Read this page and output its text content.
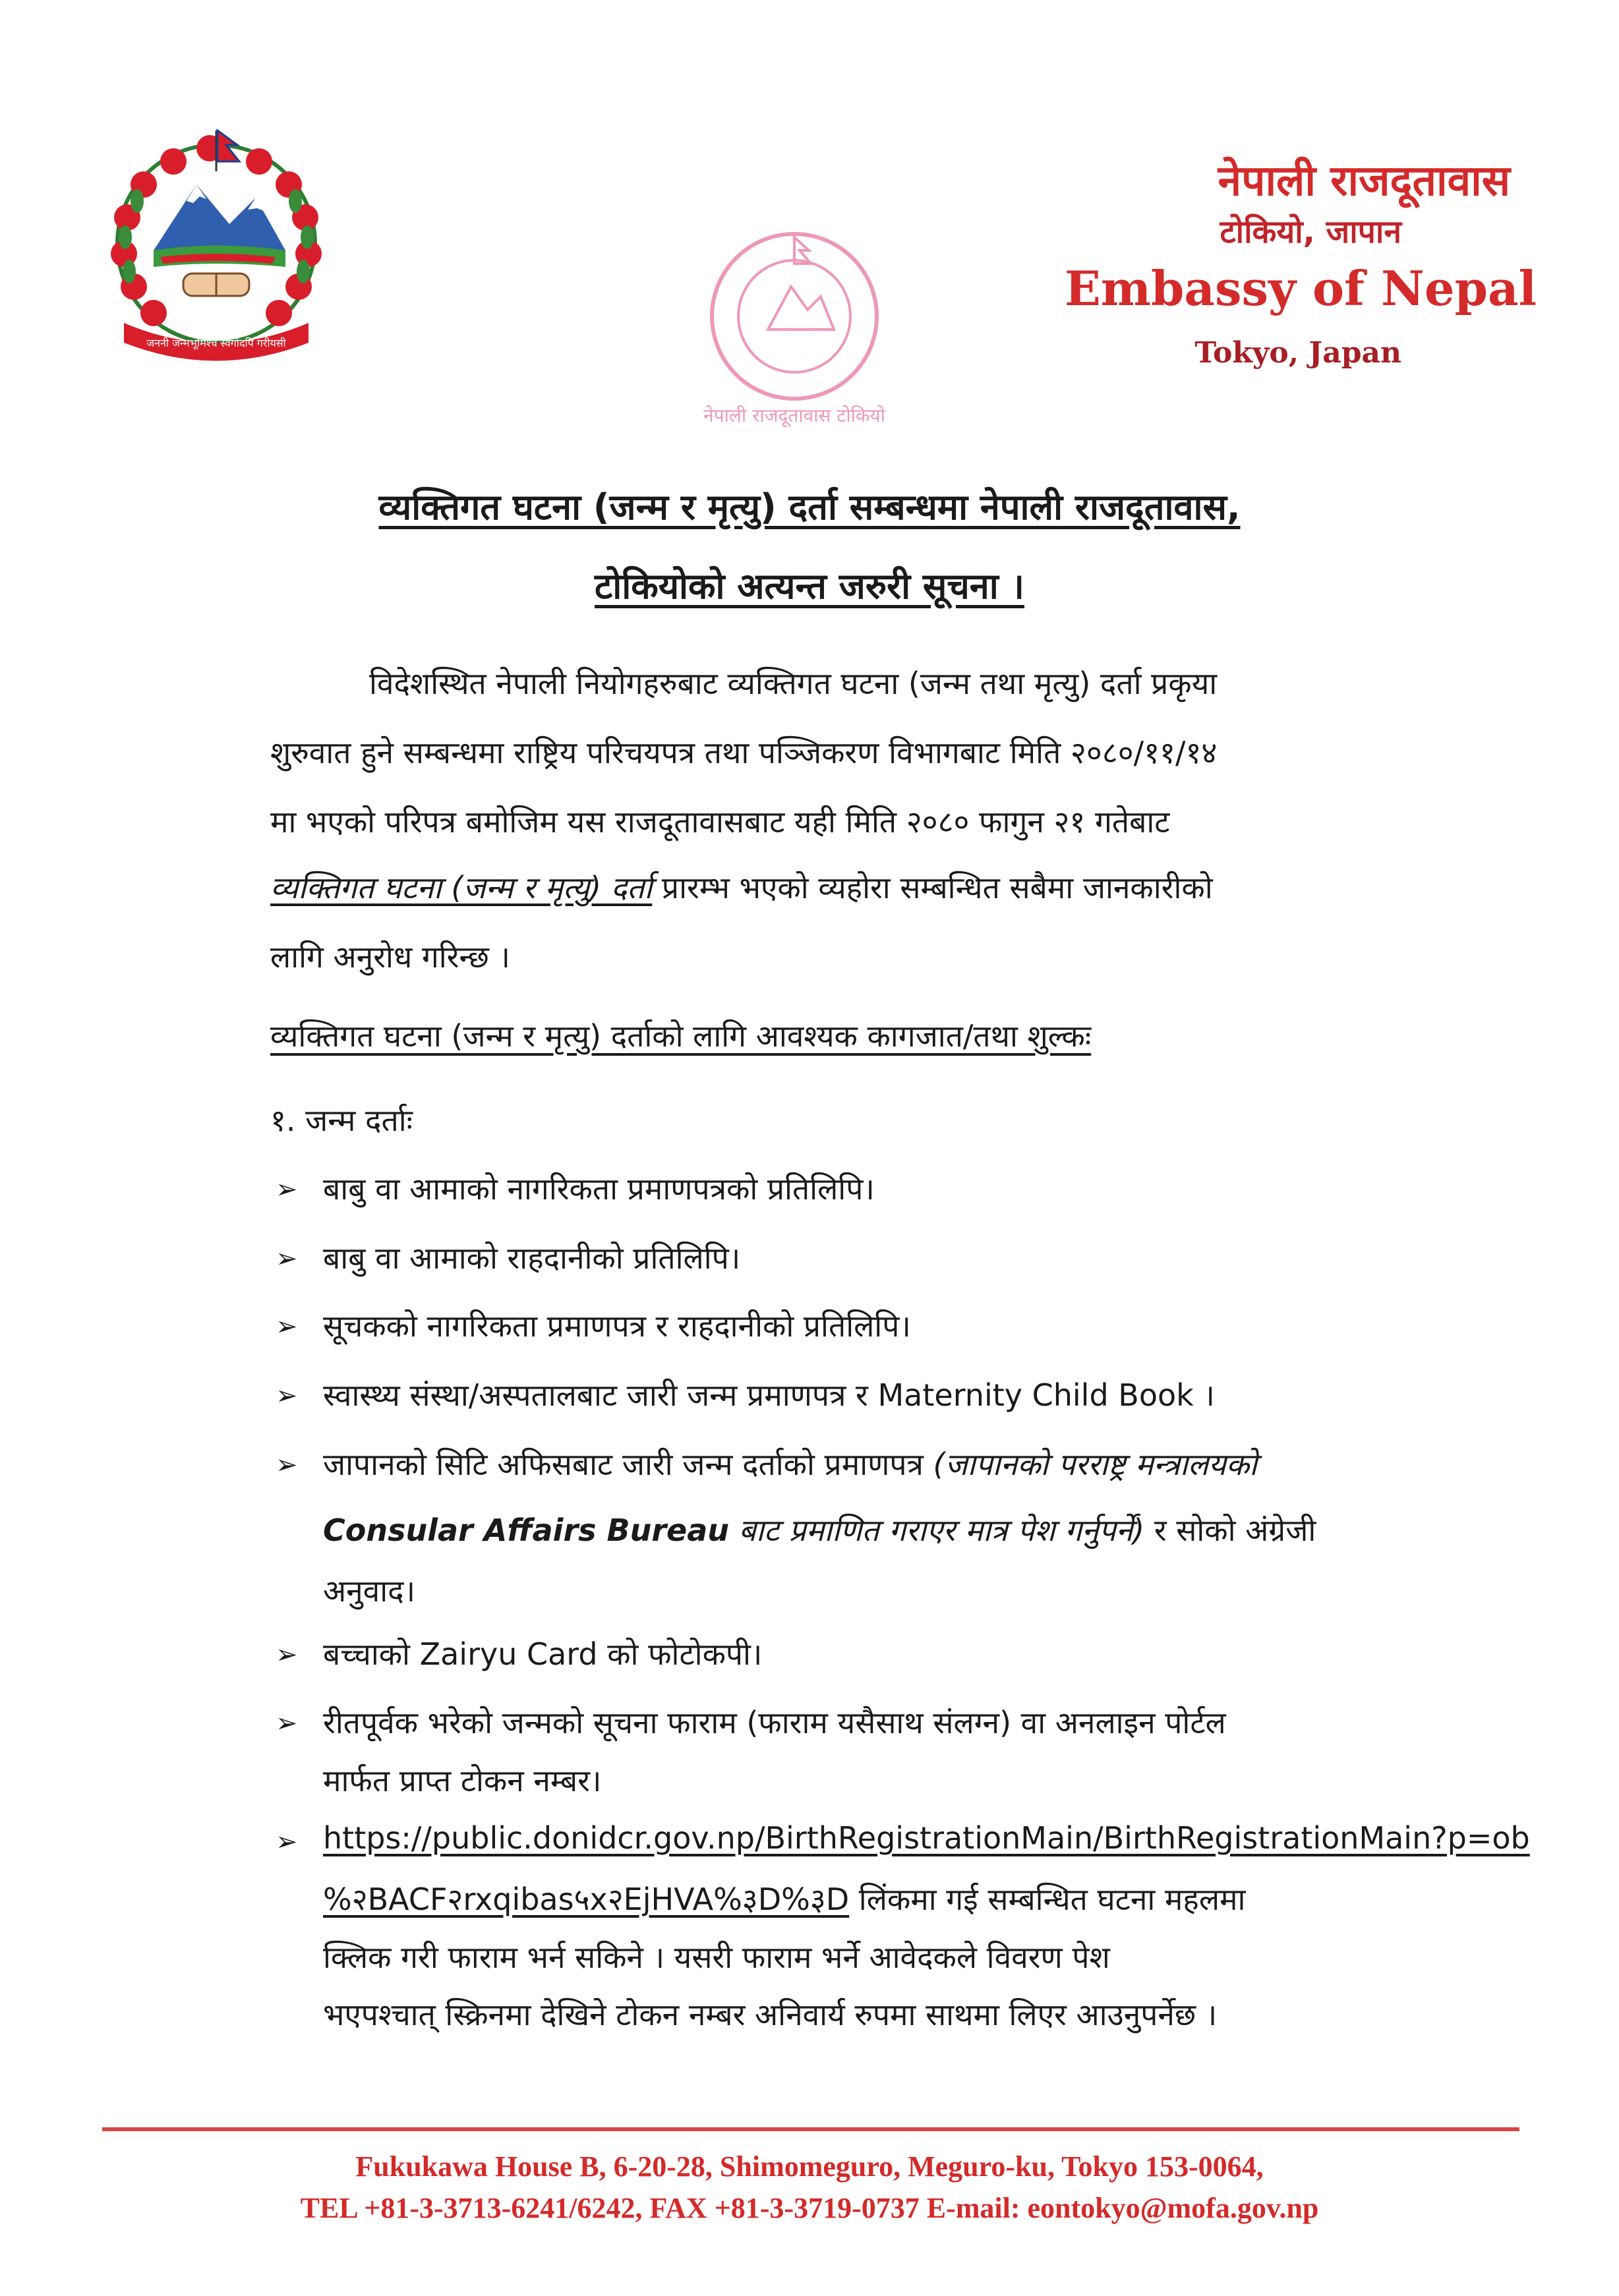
जननी जन्मभूमिश्च स्वर्गादपि गरीयसी
नेपाली राजदूतावास टोकियो
नेपाली राजदूतावास
टोकियो, जापान
Embassy of Nepal
Tokyo, Japan
व्यक्तिगत घटना (जन्म र मृत्यु) दर्ता सम्बन्धमा नेपाली राजदूतावास,
टोकियोको अत्यन्त जरुरी सूचना ।
विदेशस्थित नेपाली नियोगहरुबाट व्यक्तिगत घटना (जन्म तथा मृत्यु) दर्ता प्रकृया
शुरुवात हुने सम्बन्धमा राष्ट्रिय परिचयपत्र तथा पञ्जिकरण विभागबाट मिति २०८०/११/१४
मा भएको परिपत्र बमोजिम यस राजदूतावासबाट यही मिति २०८० फागुन २१ गतेबाट
व्यक्तिगत घटना (जन्म र मृत्यु) दर्ता प्रारम्भ भएको व्यहोरा सम्बन्धित सबैमा जानकारीको
लागि अनुरोध गरिन्छ ।
व्यक्तिगत घटना (जन्म र मृत्यु) दर्ताको लागि आवश्यक कागजात/तथा शुल्कः
१. जन्म दर्ताः
➢ बाबु वा आमाको नागरिकता प्रमाणपत्रको प्रतिलिपि।
➢ बाबु वा आमाको राहदानीको प्रतिलिपि।
➢ सूचकको नागरिकता प्रमाणपत्र र राहदानीको प्रतिलिपि।
➢ स्वास्थ्य संस्था/अस्पतालबाट जारी जन्म प्रमाणपत्र र Maternity Child Book ।
➢ जापानको सिटि अफिसबाट जारी जन्म दर्ताको प्रमाणपत्र (जापानको परराष्ट्र मन्त्रालयको
Consular Affairs Bureau बाट प्रमाणित गराएर मात्र पेश गर्नुपर्ने) र सोको अंग्रेजी
अनुवाद।
➢ बच्चाको Zairyu Card को फोटोकपी।
➢ रीतपूर्वक भरेको जन्मको सूचना फाराम (फाराम यसैसाथ संलग्न) वा अनलाइन पोर्टल
मार्फत प्राप्त टोकन नम्बर।
➢ https://public.donidcr.gov.np/BirthRegistrationMain/BirthRegistrationMain?p=ob
%२BACF२rxqibas५x२EjHVA%३D%३D लिंकमा गई सम्बन्धित घटना महलमा
क्लिक गरी फाराम भर्न सकिने । यसरी फाराम भर्ने आवेदकले विवरण पेश
भएपश्चात् स्क्रिनमा देखिने टोकन नम्बर अनिवार्य रुपमा साथमा लिएर आउनुपर्नेछ ।
Fukukawa House B, 6-20-28, Shimomeguro, Meguro-ku, Tokyo 153-0064,
TEL +81-3-3713-6241/6242, FAX +81-3-3719-0737 E-mail: eontokyo@mofa.gov.np
